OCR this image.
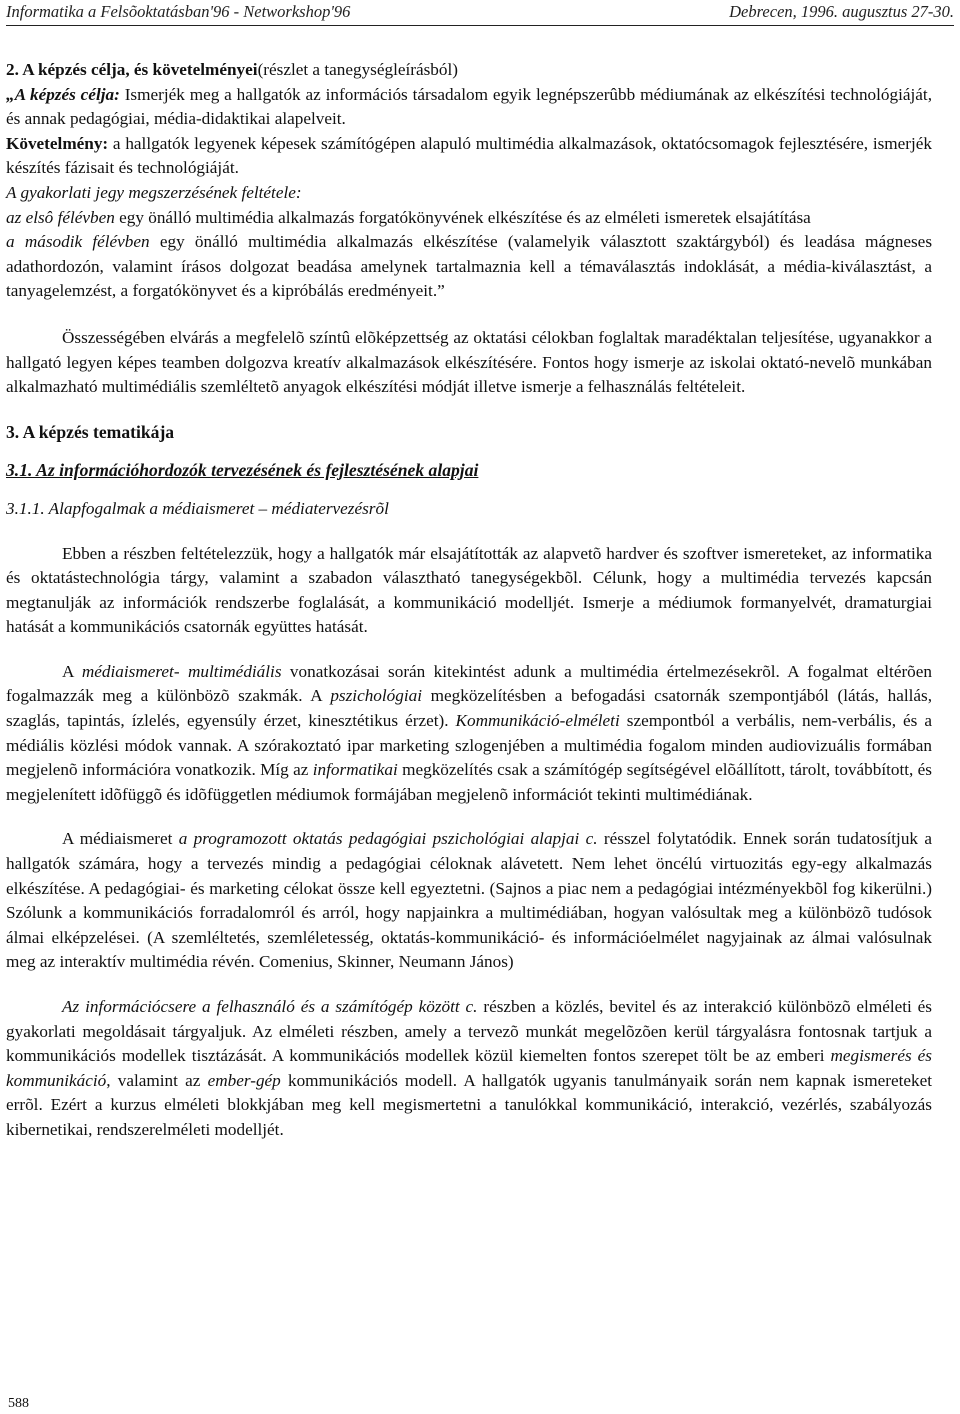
Informatika a Felsõoktatásban'96 - Networkshop'96	Debrecen, 1996. augusztus 27-30.

2. A képzés célja, és követelményei(részlet a tanegységleírásból)

„A képzés célja: Ismerjék meg a hallgatók az információs társadalom egyik legnépszerûbb médiumának az elkészítési technológiáját, és annak pedagógiai, média-didaktikai alapelveit.

Követelmény: a hallgatók legyenek képesek számítógépen alapuló multimédia alkalmazások, oktatócsomagok fejlesztésére, ismerjék készítés fázisait és technológiáját.

A gyakorlati jegy megszerzésének feltétele:

az elsô félévben egy önálló multimédia alkalmazás forgatókönyvének elkészítése és az elméleti ismeretek elsajátítása

a második félévben egy önálló multimédia alkalmazás elkészítése (valamelyik választott szaktárgyból) és leadása mágneses adathordozón, valamint írásos dolgozat beadása amelynek tartalmaznia kell a témaválasztás indoklását, a média-kiválasztást, a tanyagelemzést, a forgatókönyvet és a kipróbálás eredményeit.”

Összességében elvárás a megfelelõ színtû elõképzettség az oktatási célokban foglaltak maradéktalan teljesítése, ugyanakkor a hallgató legyen képes teamben dolgozva kreatív alkalmazások elkészítésére. Fontos hogy ismerje az iskolai oktató-nevelõ munkában alkalmazható multimédiális szemléltetõ anyagok elkészítési módját illetve ismerje a felhasználás feltételeit.

3. A képzés tematikája

3.1. Az információhordozók tervezésének és fejlesztésének alapjai

3.1.1. Alapfogalmak a médiaismeret – médiatervezésrõl

Ebben a részben feltételezzük, hogy a hallgatók már elsajátították az alapvetõ hardver és szoftver ismereteket, az informatika és oktatástechnológia tárgy, valamint a szabadon választható tanegységekbõl. Célunk, hogy a multimédia tervezés kapcsán megtanulják az információk rendszerbe foglalását, a kommunikáció modelljét. Ismerje a médiumok formanyelvét, dramaturgiai hatását a kommunikációs csatornák együttes hatását.

A médiaismeret- multimédiális vonatkozásai során kitekintést adunk a multimédia értelmezésekrõl. A fogalmat eltérõen fogalmazzák meg a különbözõ szakmák. A pszichológiai megközelítésben a befogadási csatornák szempontjából (látás, hallás, szaglás, tapintás, ízlelés, egyensúly érzet, kinesztétikus érzet). Kommunikáció-elméleti szempontból a verbális, nem-verbális, és a médiális közlési módok vannak. A szórakoztató ipar marketing szlogenjében a multimédia fogalom minden audiovizuális formában megjelenõ információra vonatkozik. Míg az informatikai megközelítés csak a számítógép segítségével elõállított, tárolt, továbbított, és megjelenített idõfüggõ és idõfüggetlen médiumok formájában megjelenõ információt tekinti multimédiának.

A médiaismeret a programozott oktatás pedagógiai pszichológiai alapjai c. résszel folytatódik. Ennek során tudatosítjuk a hallgatók számára, hogy a tervezés mindig a pedagógiai céloknak alávetett. Nem lehet öncélú virtuozitás egy-egy alkalmazás elkészítése. A pedagógiai- és marketing célokat össze kell egyeztetni. (Sajnos a piac nem a pedagógiai intézményekbõl fog kikerülni.) Szólunk a kommunikációs forradalomról és arról, hogy napjainkra a multimédiában, hogyan valósultak meg a különbözõ tudósok álmai elképzelései. (A szemléltetés, szemléletesség, oktatás-kommunikáció- és információelmélet nagyjainak az álmai valósulnak meg az interaktív multimédia révén. Comenius, Skinner, Neumann János)

Az információcsere a felhasználó és a számítógép között c. részben a közlés, bevitel és az interakció különbözõ elméleti és gyakorlati megoldásait tárgyaljuk. Az elméleti részben, amely a tervezõ munkát megelõzõen kerül tárgyalásra fontosnak tartjuk a kommunikációs modellek tisztázását. A kommunikációs modellek közül kiemelten fontos szerepet tölt be az emberi megismerés és kommunikáció, valamint az ember-gép kommunikációs modell. A hallgatók ugyanis tanulmányaik során nem kapnak ismereteket errõl. Ezért a kurzus elméleti blokkjában meg kell megismertetni a tanulókkal kommunikáció, interakció, vezérlés, szabályozás kibernetikai, rendszerelméleti modelljét.

588
